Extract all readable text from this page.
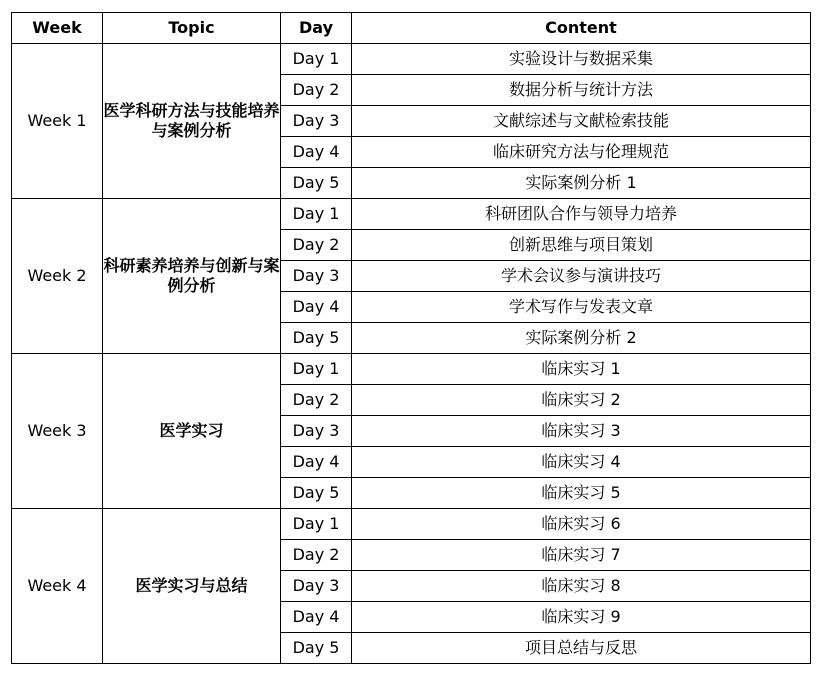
Week	Topic	Day	Content
Week 1	医学科研方法与技能培养与案例分析	Day 1	实验设计与数据采集
		Day 2	数据分析与统计方法
		Day 3	文献综述与文献检索技能
		Day 4	临床研究方法与伦理规范
		Day 5	实际案例分析 1
Week 2	科研素养培养与创新与案例分析	Day 1	科研团队合作与领导力培养
		Day 2	创新思维与项目策划
		Day 3	学术会议参与演讲技巧
		Day 4	学术写作与发表文章
		Day 5	实际案例分析 2
Week 3	医学实习	Day 1	临床实习 1
		Day 2	临床实习 2
		Day 3	临床实习 3
		Day 4	临床实习 4
		Day 5	临床实习 5
Week 4	医学实习与总结	Day 1	临床实习 6
		Day 2	临床实习 7
		Day 3	临床实习 8
		Day 4	临床实习 9
		Day 5	项目总结与反思
